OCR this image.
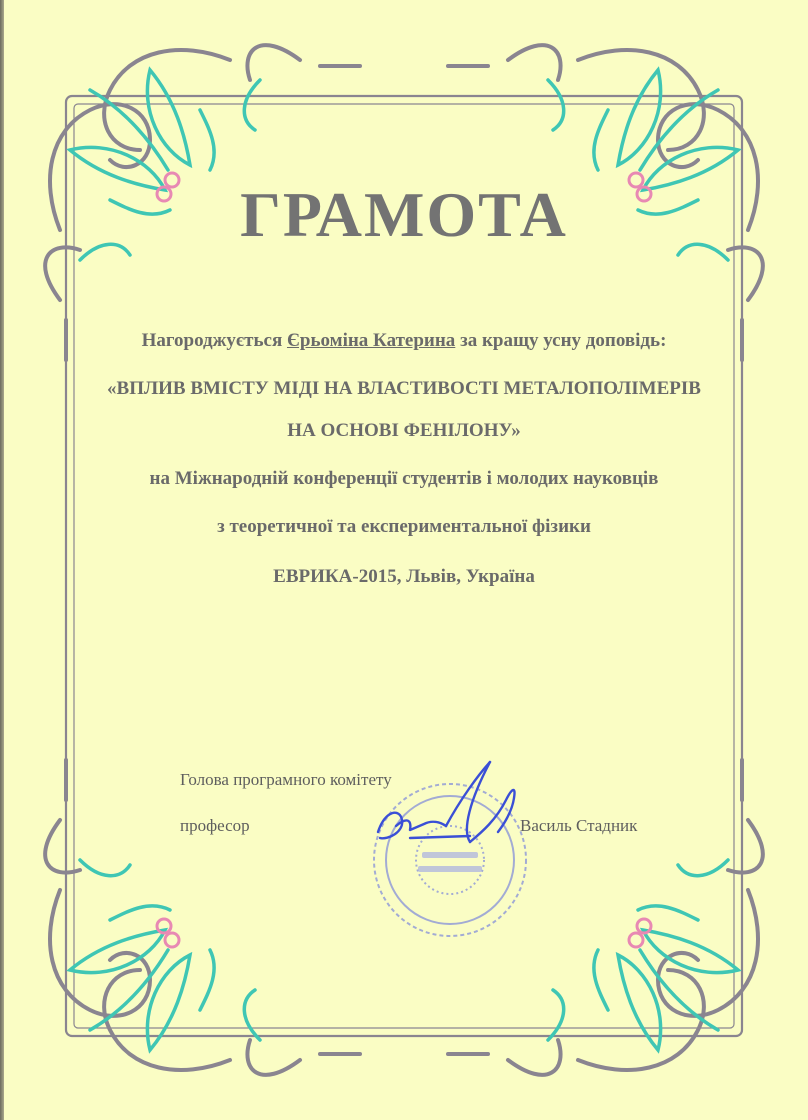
ГРАМОТА

Нагороджується Єрьоміна Катерина за кращу усну доповідь:

«ВПЛИВ ВМІСТУ МІДІ НА ВЛАСТИВОСТІ МЕТАЛОПОЛІМЕРІВ

НА ОСНОВІ ФЕНІЛОНУ»

на Міжнародній конференції студентів і молодих науковців

з теоретичної та експериментальної фізики

ЕВРИКА-2015, Львів, Україна

Голова програмного комітету

професор	Василь Стадник
